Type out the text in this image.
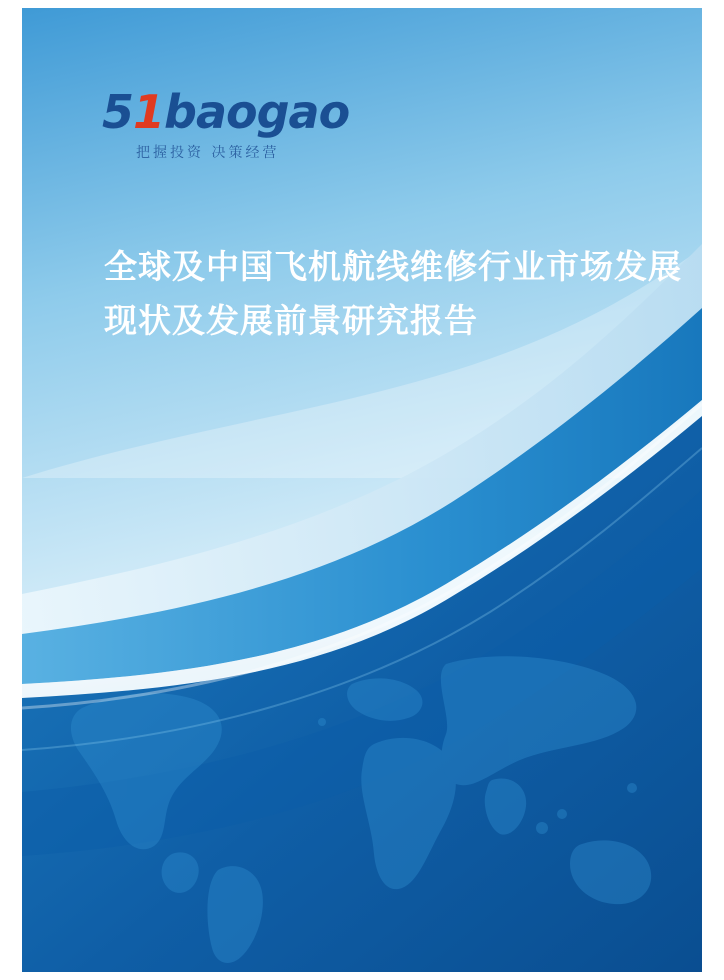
51baogao
把握投资 决策经营
全球及中国飞机航线维修行业市场发展现状及发展前景研究报告
